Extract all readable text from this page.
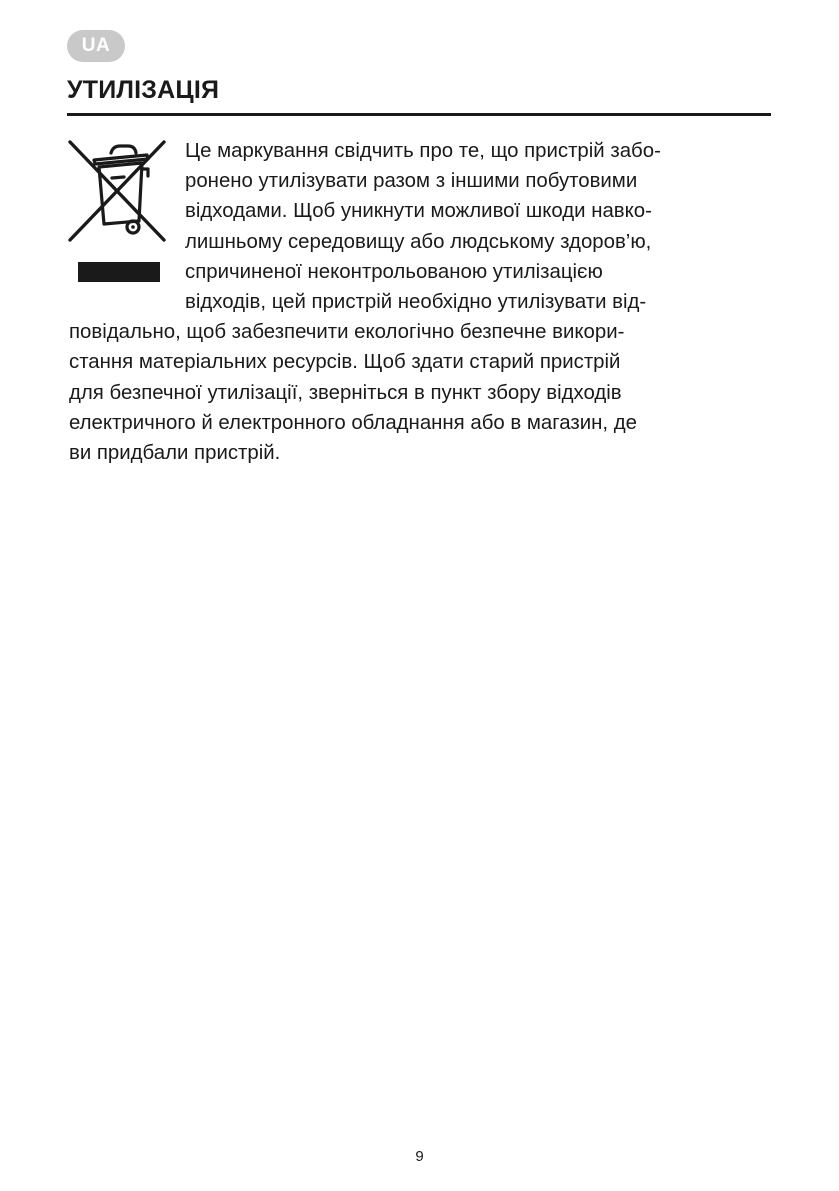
UA
УТИЛІЗАЦІЯ
Це маркування свідчить про те, що пристрій забо-
ронено утилізувати разом з іншими побутовими
відходами. Щоб уникнути можливої шкоди навко-
лишньому середовищу або людському здоров’ю,
спричиненої неконтрольованою утилізацією
відходів, цей пристрій необхідно утилізувати від-
повідально, щоб забезпечити екологічно безпечне викори-
стання матеріальних ресурсів. Щоб здати старий пристрій
для безпечної утилізації, зверніться в пункт збору відходів
електричного й електронного обладнання або в магазин, де
ви придбали пристрій.
9
